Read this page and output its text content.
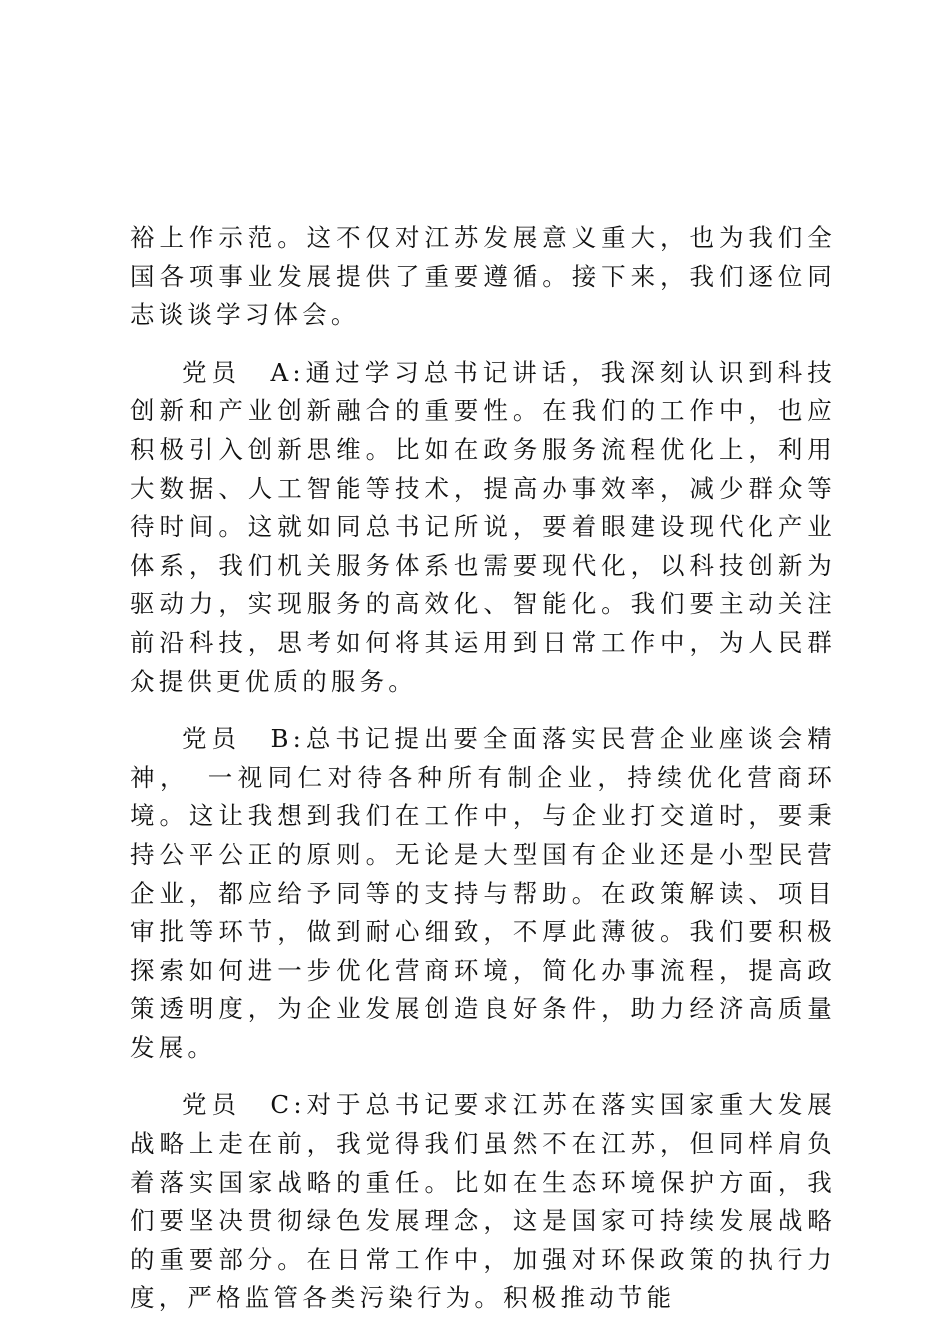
裕上作示范。这不仅对江苏发展意义重大，也为我们全国各项事业发展提供了重要遵循。接下来，我们逐位同志谈谈学习体会。

党员　A:通过学习总书记讲话，我深刻认识到科技创新和产业创新融合的重要性。在我们的工作中，也应积极引入创新思维。比如在政务服务流程优化上，利用大数据、人工智能等技术，提高办事效率，减少群众等待时间。这就如同总书记所说，要着眼建设现代化产业体系，我们机关服务体系也需要现代化，以科技创新为驱动力，实现服务的高效化、智能化。我们要主动关注前沿科技，思考如何将其运用到日常工作中，为人民群众提供更优质的服务。

党员　B:总书记提出要全面落实民营企业座谈会精神，　一视同仁对待各种所有制企业，持续优化营商环境。这让我想到我们在工作中，与企业打交道时，要秉持公平公正的原则。无论是大型国有企业还是小型民营企业，都应给予同等的支持与帮助。在政策解读、项目审批等环节，做到耐心细致，不厚此薄彼。我们要积极探索如何进一步优化营商环境，简化办事流程，提高政策透明度，为企业发展创造良好条件，助力经济高质量发展。

党员　C:对于总书记要求江苏在落实国家重大发展战略上走在前，我觉得我们虽然不在江苏，但同样肩负着落实国家战略的重任。比如在生态环境保护方面，我们要坚决贯彻绿色发展理念，这是国家可持续发展战略的重要部分。在日常工作中，加强对环保政策的执行力度，严格监管各类污染行为。积极推动节能
